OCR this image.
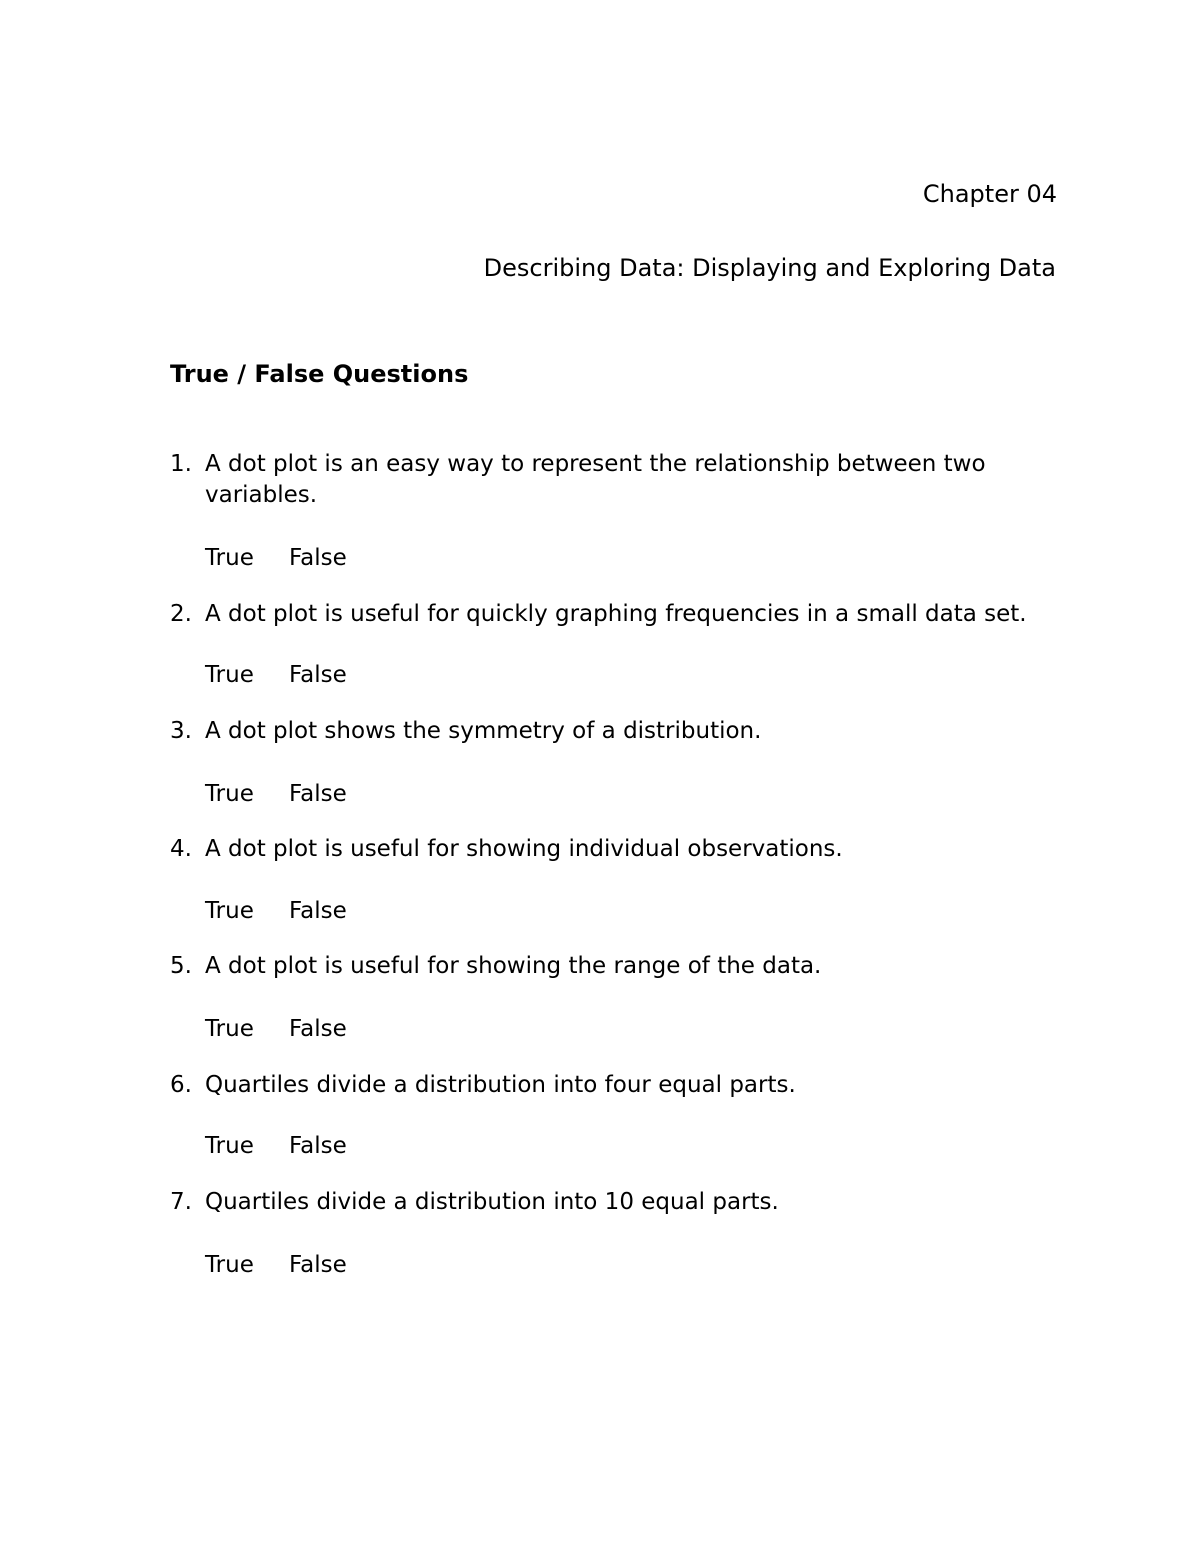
Chapter 04
Describing Data: Displaying and Exploring Data
True / False Questions
1. A dot plot is an easy way to represent the relationship between two variables.
True False
2. A dot plot is useful for quickly graphing frequencies in a small data set.
True False
3. A dot plot shows the symmetry of a distribution.
True False
4. A dot plot is useful for showing individual observations.
True False
5. A dot plot is useful for showing the range of the data.
True False
6. Quartiles divide a distribution into four equal parts.
True False
7. Quartiles divide a distribution into 10 equal parts.
True False
